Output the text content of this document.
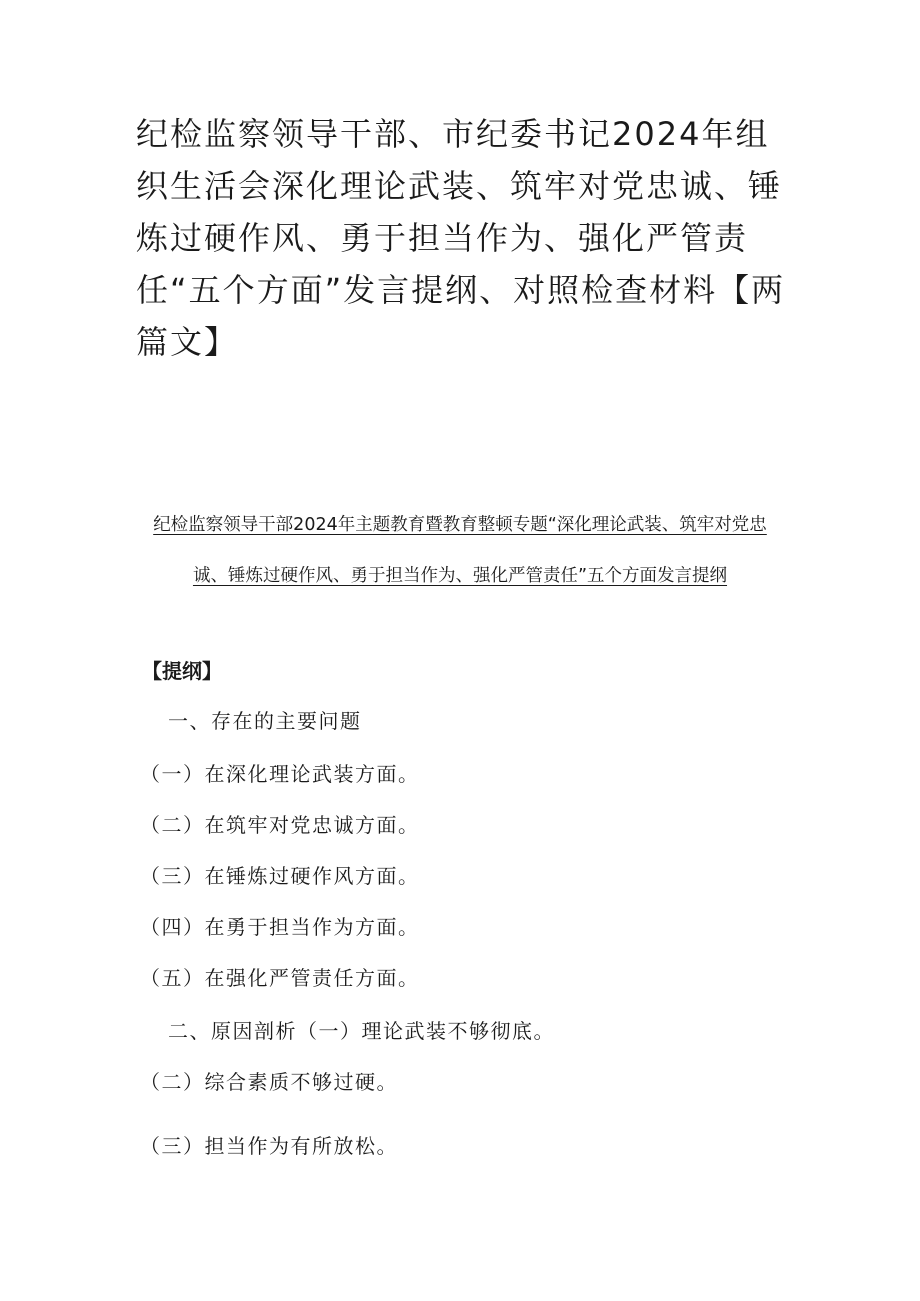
纪检监察领导干部、市纪委书记2024年组织生活会深化理论武装、筑牢对党忠诚、锤炼过硬作风、勇于担当作为、强化严管责任“五个方面”发言提纲、对照检查材料【两篇文】

纪检监察领导干部2024年主题教育暨教育整顿专题“深化理论武装、筑牢对党忠诚、锤炼过硬作风、勇于担当作为、强化严管责任”五个方面发言提纲

【提纲】
一、存在的主要问题
（一）在深化理论武装方面。
（二）在筑牢对党忠诚方面。
（三）在锤炼过硬作风方面。
（四）在勇于担当作为方面。
（五）在强化严管责任方面。
二、原因剖析（一）理论武装不够彻底。
（二）综合素质不够过硬。
（三）担当作为有所放松。
